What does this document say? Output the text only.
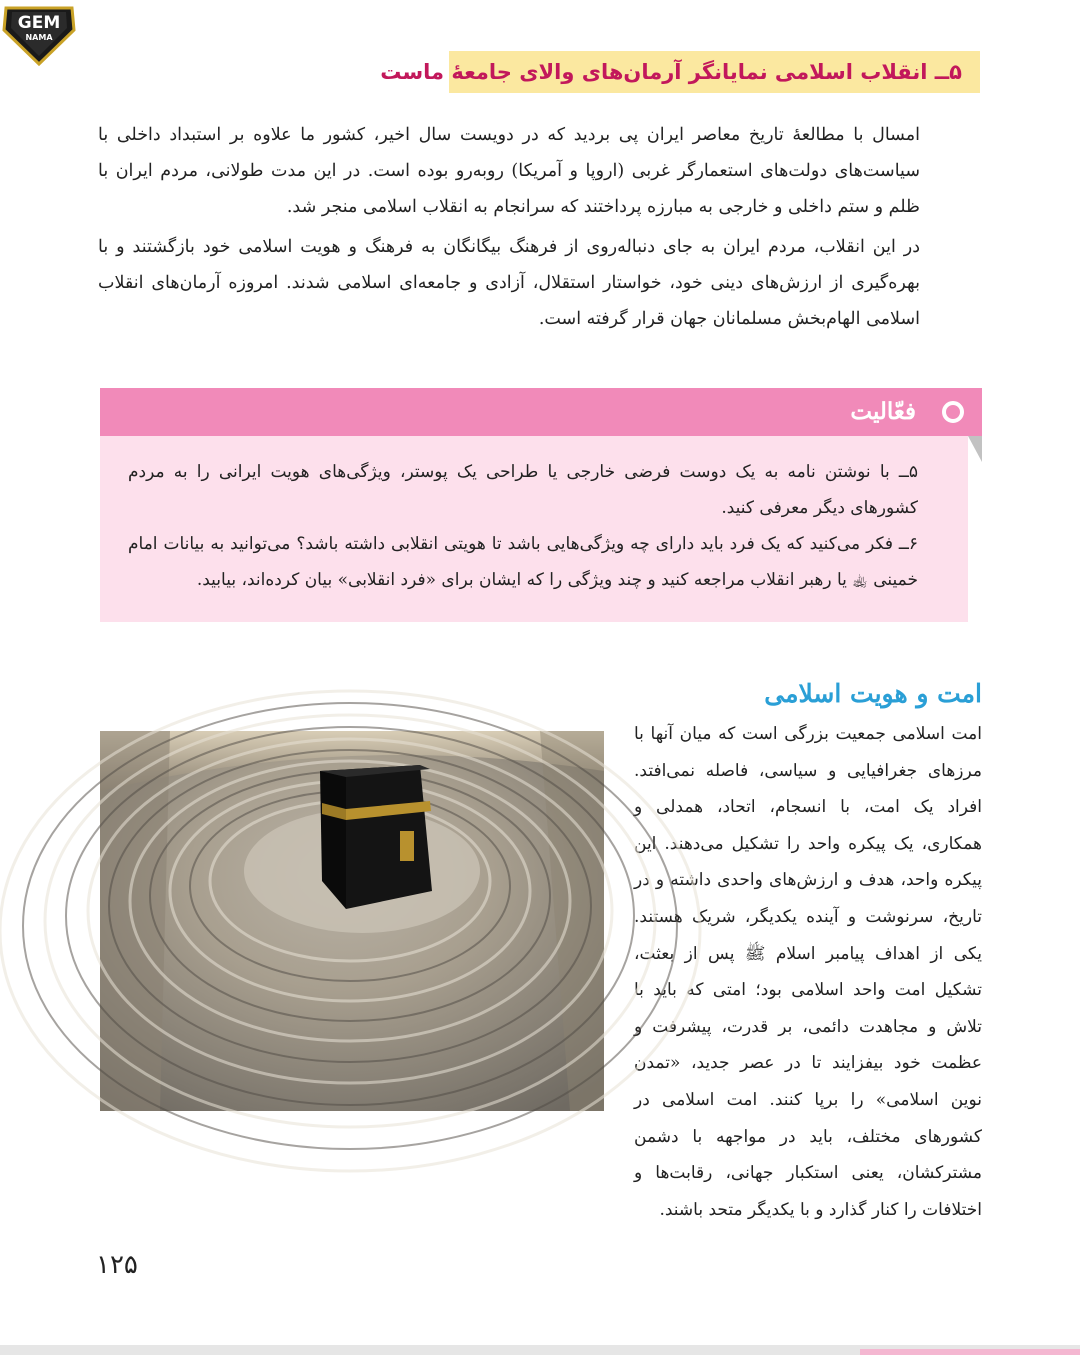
GEM
NAMA
۵ــ انقلاب اسلامی نمایانگر آرمان‌های والای جامعهٔ ماست

امسال با مطالعهٔ تاریخ معاصر ایران پی بردید که در دویست سال اخیر، کشور ما علاوه بر استبداد داخلی با سیاست‌های دولت‌های استعمارگر غربی (اروپا و آمریکا) روبه‌رو بوده است. در این مدت طولانی، مردم ایران با ظلم و ستم داخلی و خارجی به مبارزه پرداختند که سرانجام به انقلاب اسلامی منجر شد.

در این انقلاب، مردم ایران به جای دنباله‌روی از فرهنگ بیگانگان به فرهنگ و هویت اسلامی خود بازگشتند و با بهره‌گیری از ارزش‌های دینی خود، خواستار استقلال، آزادی و جامعه‌ای اسلامی شدند. امروزه آرمان‌های انقلاب اسلامی الهام‌بخش مسلمانان جهان قرار گرفته است.

فعّالیت

۵ــ با نوشتن نامه به یک دوست فرضی خارجی یا طراحی یک پوستر، ویژگی‌های هویت ایرانی را به مردم کشورهای دیگر معرفی کنید.

۶ــ فکر می‌کنید که یک فرد باید دارای چه ویژگی‌هایی باشد تا هویتی انقلابی داشته باشد؟ می‌توانید به بیانات امام خمینی ﵀ یا رهبر انقلاب مراجعه کنید و چند ویژگی را که ایشان برای «فرد انقلابی» بیان کرده‌اند، بیابید.

امت و هویت اسلامی

امت اسلامی جمعیت بزرگی است که میان آنها با مرزهای جغرافیایی و سیاسی، فاصله نمی‌افتد. افراد یک امت، با انسجام، اتحاد، همدلی و همکاری، یک پیکره واحد را تشکیل می‌دهند. این پیکره واحد، هدف و ارزش‌های واحدی داشته و در تاریخ، سرنوشت و آینده یکدیگر، شریک هستند. یکی از اهداف پیامبر اسلام ﷺ پس از بعثت، تشکیل امت واحد اسلامی بود؛ امتی که باید با تلاش و مجاهدت دائمی، بر قدرت، پیشرفت و عظمت خود بیفزایند تا در عصر جدید، «تمدن نوین اسلامی» را برپا کنند. امت اسلامی در کشورهای مختلف، باید در مواجهه با دشمن مشترکشان، یعنی استکبار جهانی، رقابت‌ها و اختلافات را کنار گذارد و با یکدیگر متحد باشند.

۱۲۵
